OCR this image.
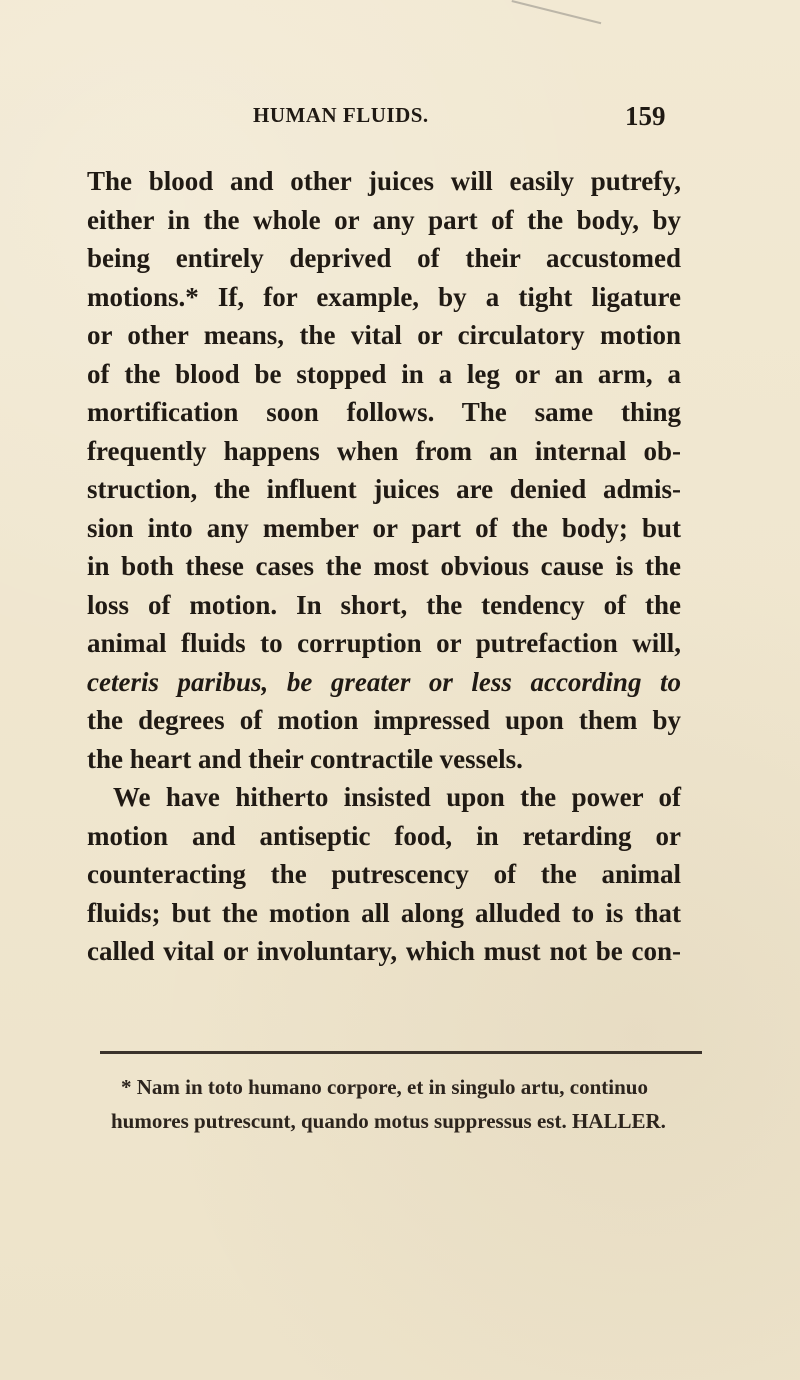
HUMAN FLUIDS.	159
The blood and other juices will easily putrefy,
either in the whole or any part of the body, by
being entirely deprived of their accustomed
motions.* If, for example, by a tight ligature
or other means, the vital or circulatory motion
of the blood be stopped in a leg or an arm, a
mortification soon follows. The same thing
frequently happens when from an internal ob-
struction, the influent juices are denied admis-
sion into any member or part of the body; but
in both these cases the most obvious cause is the
loss of motion. In short, the tendency of the
animal fluids to corruption or putrefaction will,
ceteris paribus, be greater or less according to
the degrees of motion impressed upon them by
the heart and their contractile vessels.
We have hitherto insisted upon the power of
motion and antiseptic food, in retarding or
counteracting the putrescency of the animal
fluids; but the motion all along alluded to is that
called vital or involuntary, which must not be con-
* Nam in toto humano corpore, et in singulo artu, continuo
humores putrescunt, quando motus suppressus est. HALLER.
